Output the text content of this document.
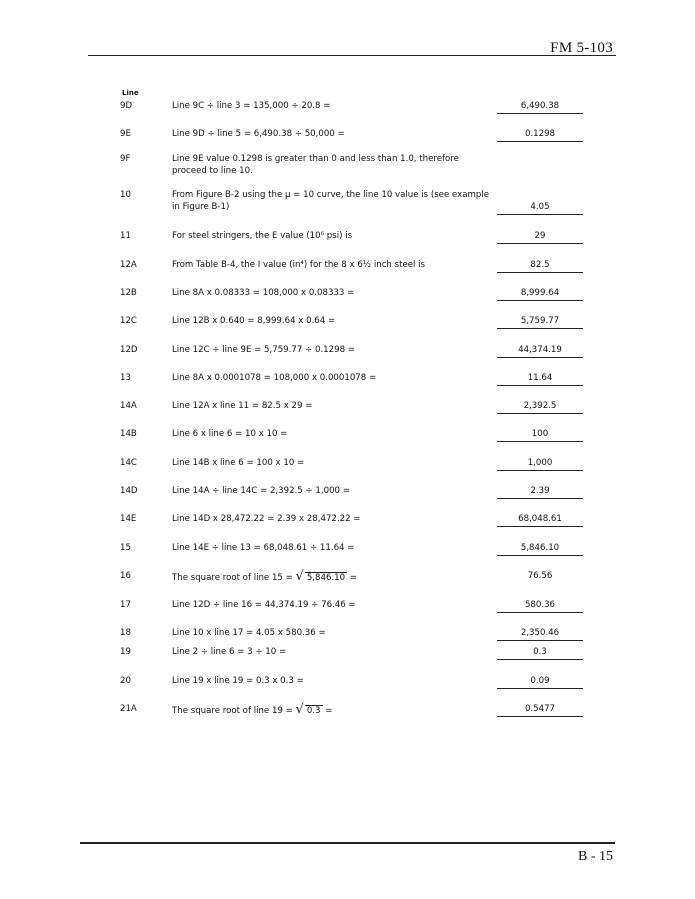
FM 5-103
Line
9D	Line 9C ÷ line 3 = 135,000 ÷ 20.8 =	6,490.38
9E	Line 9D ÷ line 5 = 6,490.38 ÷ 50,000 =	0.1298
9F	Line 9E value 0.1298 is greater than 0 and less than 1.0, therefore proceed to line 10.
10	From Figure B-2 using the μ = 10 curve, the line 10 value is (see example in Figure B-1)	4.05
11	For steel stringers, the E value (10⁶ psi) is	29
12A	From Table B-4, the I value (in⁴) for the 8 x 6½ inch steel is	82.5
12B	Line 8A x 0.08333 = 108,000 x 0.08333 =	8,999.64
12C	Line 12B x 0.640 = 8,999.64 x 0.64 =	5,759.77
12D	Line 12C ÷ line 9E = 5,759.77 ÷ 0.1298 =	44,374.19
13	Line 8A x 0.0001078 = 108,000 x 0.0001078 =	11.64
14A	Line 12A x line 11 = 82.5 x 29 =	2,392.5
14B	Line 6 x line 6 = 10 x 10 =	100
14C	Line 14B x line 6 = 100 x 10 =	1,000
14D	Line 14A ÷ line 14C = 2,392.5 ÷ 1,000 =	2.39
14E	Line 14D x 28,472.22 = 2.39 x 28,472.22 =	68,048.61
15	Line 14E ÷ line 13 = 68,048.61 ÷ 11.64 =	5,846.10
16	The square root of line 15 = √ 5,846.10 =	76.56
17	Line 12D ÷ line 16 = 44,374.19 ÷ 76.46 =	580.36
18	Line 10 x line 17 = 4.05 x 580.36 =	2,350.46
19	Line 2 ÷ line 6 = 3 ÷ 10 =	0.3
20	Line 19 x line 19 = 0.3 x 0.3 =	0.09
21A	The square root of line 19 = √ 0.3 =	0.5477
B - 15
